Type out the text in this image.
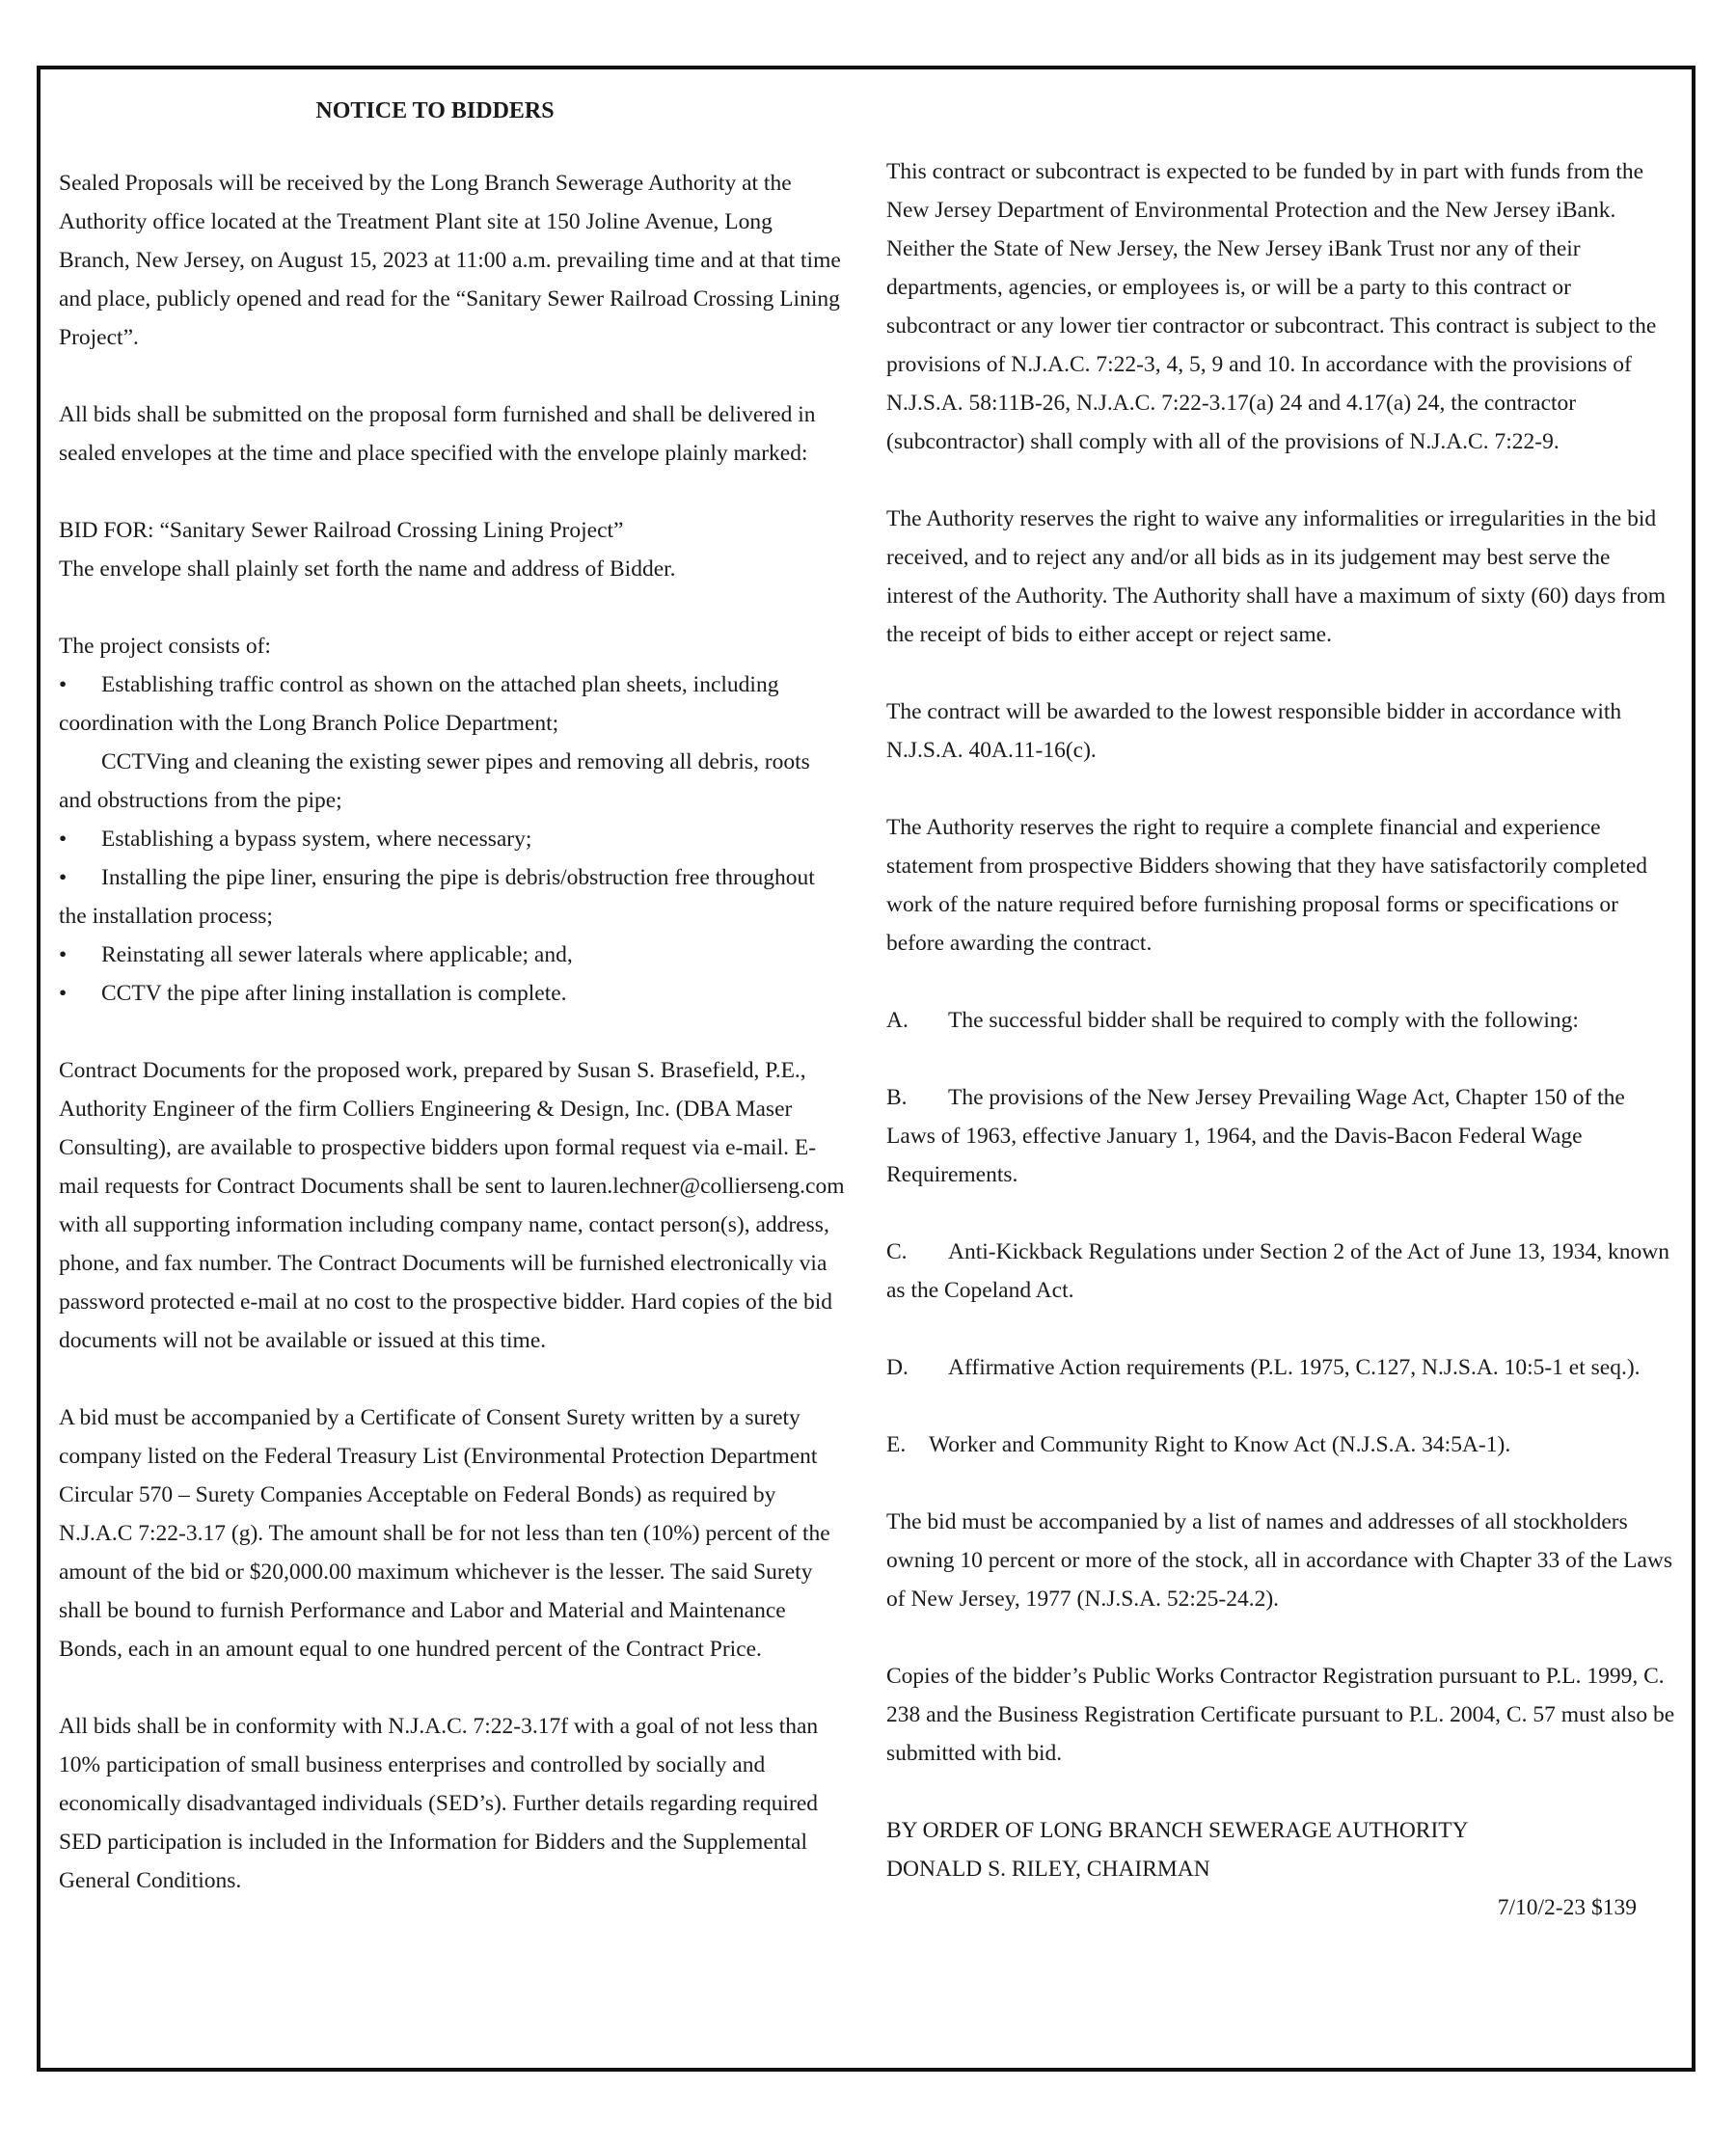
NOTICE TO BIDDERS

Sealed Proposals will be received by the Long Branch Sewerage Authority at the Authority office located at the Treatment Plant site at 150 Joline Avenue, Long Branch, New Jersey, on August 15, 2023 at 11:00 a.m. prevailing time and at that time and place, publicly opened and read for the “Sanitary Sewer Railroad Crossing Lining Project”.

All bids shall be submitted on the proposal form furnished and shall be delivered in sealed envelopes at the time and place specified with the envelope plainly marked:

BID FOR: “Sanitary Sewer Railroad Crossing Lining Project”
The envelope shall plainly set forth the name and address of Bidder.

The project consists of:
• Establishing traffic control as shown on the attached plan sheets, including coordination with the Long Branch Police Department;
CCTVing and cleaning the existing sewer pipes and removing all debris, roots and obstructions from the pipe;
• Establishing a bypass system, where necessary;
• Installing the pipe liner, ensuring the pipe is debris/obstruction free throughout the installation process;
• Reinstating all sewer laterals where applicable; and,
• CCTV the pipe after lining installation is complete.

Contract Documents for the proposed work, prepared by Susan S. Brasefield, P.E., Authority Engineer of the firm Colliers Engineering & Design, Inc. (DBA Maser Consulting), are available to prospective bidders upon formal request via e-mail. E-mail requests for Contract Documents shall be sent to lauren.lechner@collierseng.com with all supporting information including company name, contact person(s), address, phone, and fax number. The Contract Documents will be furnished electronically via password protected e-mail at no cost to the prospective bidder. Hard copies of the bid documents will not be available or issued at this time.

A bid must be accompanied by a Certificate of Consent Surety written by a surety company listed on the Federal Treasury List (Environmental Protection Department Circular 570 – Surety Companies Acceptable on Federal Bonds) as required by N.J.A.C 7:22-3.17 (g). The amount shall be for not less than ten (10%) percent of the amount of the bid or $20,000.00 maximum whichever is the lesser. The said Surety shall be bound to furnish Performance and Labor and Material and Maintenance Bonds, each in an amount equal to one hundred percent of the Contract Price.

All bids shall be in conformity with N.J.A.C. 7:22-3.17f with a goal of not less than 10% participation of small business enterprises and controlled by socially and economically disadvantaged individuals (SED’s). Further details regarding required SED participation is included in the Information for Bidders and the Supplemental General Conditions.

This contract or subcontract is expected to be funded by in part with funds from the New Jersey Department of Environmental Protection and the New Jersey iBank. Neither the State of New Jersey, the New Jersey iBank Trust nor any of their departments, agencies, or employees is, or will be a party to this contract or subcontract or any lower tier contractor or subcontract. This contract is subject to the provisions of N.J.A.C. 7:22-3, 4, 5, 9 and 10. In accordance with the provisions of N.J.S.A. 58:11B-26, N.J.A.C. 7:22-3.17(a) 24 and 4.17(a) 24, the contractor (subcontractor) shall comply with all of the provisions of N.J.A.C. 7:22-9.

The Authority reserves the right to waive any informalities or irregularities in the bid received, and to reject any and/or all bids as in its judgement may best serve the interest of the Authority. The Authority shall have a maximum of sixty (60) days from the receipt of bids to either accept or reject same.

The contract will be awarded to the lowest responsible bidder in accordance with N.J.S.A. 40A.11-16(c).

The Authority reserves the right to require a complete financial and experience statement from prospective Bidders showing that they have satisfactorily completed work of the nature required before furnishing proposal forms or specifications or before awarding the contract.

A. The successful bidder shall be required to comply with the following:

B. The provisions of the New Jersey Prevailing Wage Act, Chapter 150 of the Laws of 1963, effective January 1, 1964, and the Davis-Bacon Federal Wage Requirements.

C. Anti-Kickback Regulations under Section 2 of the Act of June 13, 1934, known as the Copeland Act.

D. Affirmative Action requirements (P.L. 1975, C.127, N.J.S.A. 10:5-1 et seq.).

E. Worker and Community Right to Know Act (N.J.S.A. 34:5A-1).

The bid must be accompanied by a list of names and addresses of all stockholders owning 10 percent or more of the stock, all in accordance with Chapter 33 of the Laws of New Jersey, 1977 (N.J.S.A. 52:25-24.2).

Copies of the bidder’s Public Works Contractor Registration pursuant to P.L. 1999, C. 238 and the Business Registration Certificate pursuant to P.L. 2004, C. 57 must also be submitted with bid.

BY ORDER OF LONG BRANCH SEWERAGE AUTHORITY
DONALD S. RILEY, CHAIRMAN
7/10/2-23 $139
